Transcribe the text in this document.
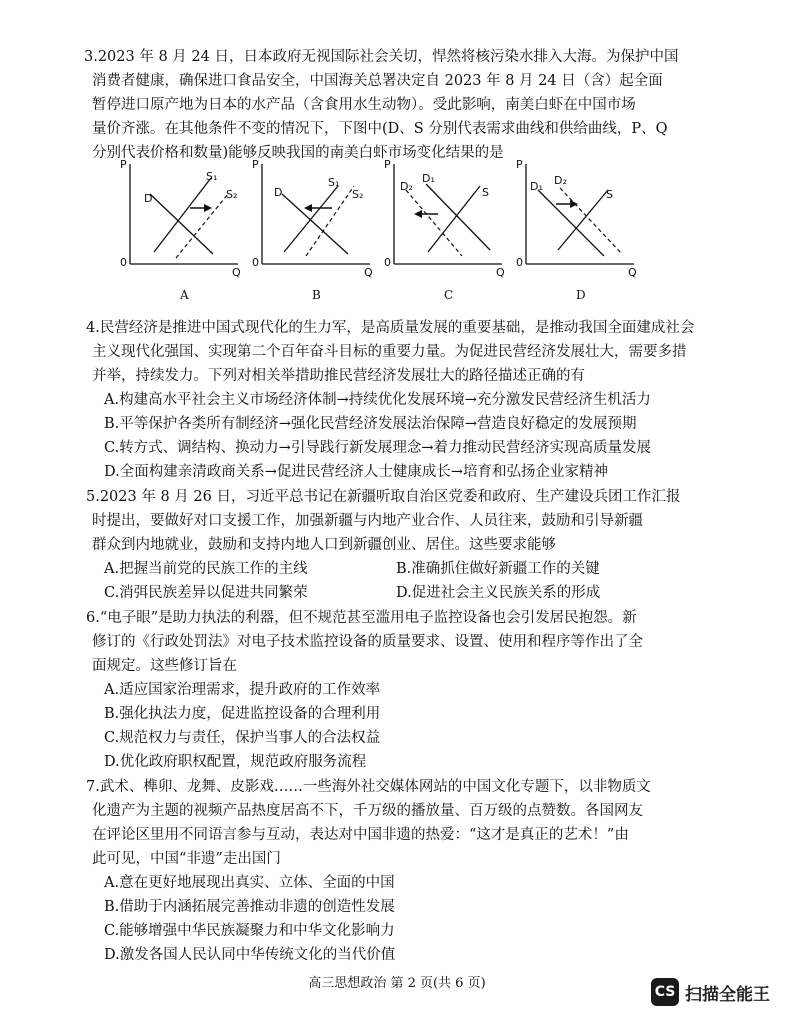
3.2023 年 8 月 24 日，日本政府无视国际社会关切，悍然将核污染水排入大海。为保护中国
消费者健康，确保进口食品安全，中国海关总署决定自 2023 年 8 月 24 日（含）起全面
暂停进口原产地为日本的水产品（含食用水生动物）。受此影响，南美白虾在中国市场
量价齐涨。在其他条件不变的情况下，下图中(D、S 分别代表需求曲线和供给曲线，P、Q
分别代表价格和数量)能够反映我国的南美白虾市场变化结果的是
P
Q
0
D
S₁
S₂
A
P
Q
0
D
S₁
S₂
B
P
Q
0
D₁
D₂	S
C
P
Q
0
D₁ D₂
S
D
4.民营经济是推进中国式现代化的生力军，是高质量发展的重要基础，是推动我国全面建成社会
主义现代化强国、实现第二个百年奋斗目标的重要力量。为促进民营经济发展壮大，需要多措
并举，持续发力。下列对相关举措助推民营经济发展壮大的路径描述正确的有
A.构建高水平社会主义市场经济体制→持续优化发展环境→充分激发民营经济生机活力
B.平等保护各类所有制经济→强化民营经济发展法治保障→营造良好稳定的发展预期
C.转方式、调结构、换动力→引导践行新发展理念→着力推动民营经济实现高质量发展
D.全面构建亲清政商关系→促进民营经济人士健康成长→培育和弘扬企业家精神
5.2023 年 8 月 26 日，习近平总书记在新疆听取自治区党委和政府、生产建设兵团工作汇报
时提出，要做好对口支援工作，加强新疆与内地产业合作、人员往来，鼓励和引导新疆
群众到内地就业，鼓励和支持内地人口到新疆创业、居住。这些要求能够
A.把握当前党的民族工作的主线	B.准确抓住做好新疆工作的关键
C.消弭民族差异以促进共同繁荣	D.促进社会主义民族关系的形成
6.“电子眼”是助力执法的利器，但不规范甚至滥用电子监控设备也会引发居民抱怨。新
修订的《行政处罚法》对电子技术监控设备的质量要求、设置、使用和程序等作出了全
面规定。这些修订旨在
A.适应国家治理需求，提升政府的工作效率
B.强化执法力度，促进监控设备的合理利用
C.规范权力与责任，保护当事人的合法权益
D.优化政府职权配置，规范政府服务流程
7.武术、榫卯、龙舞、皮影戏……一些海外社交媒体网站的中国文化专题下，以非物质文
化遗产为主题的视频产品热度居高不下，千万级的播放量、百万级的点赞数。各国网友
在评论区里用不同语言参与互动，表达对中国非遗的热爱：“这才是真正的艺术！”由
此可见，中国“非遗”走出国门
A.意在更好地展现出真实、立体、全面的中国
B.借助于内涵拓展完善推动非遗的创造性发展
C.能够增强中华民族凝聚力和中华文化影响力
D.激发各国人民认同中华传统文化的当代价值
高三思想政治 第 2 页(共 6 页)
CS 扫描全能王
